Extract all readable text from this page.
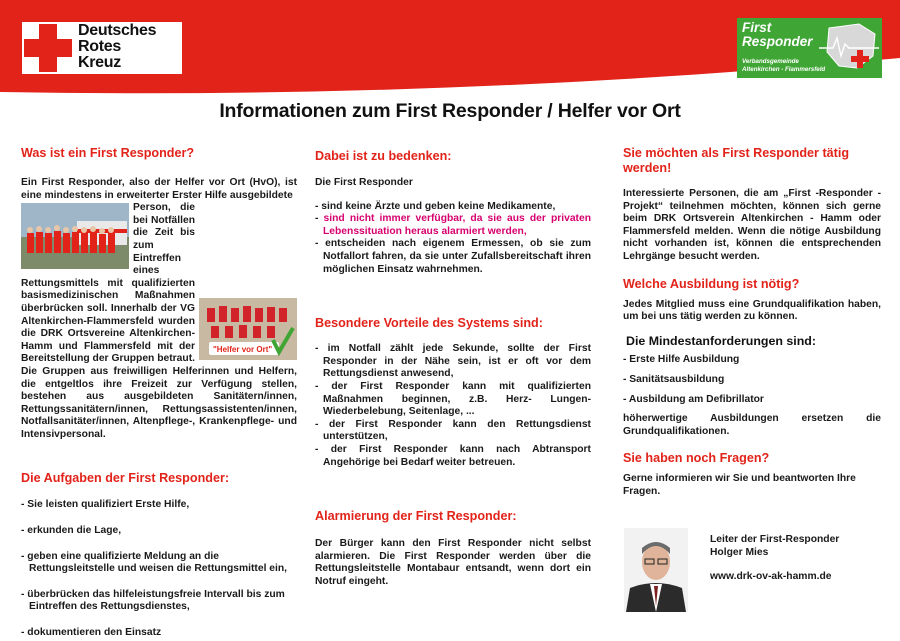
Deutsches
Rotes
Kreuz
First
Responder
Verbandsgemeinde
Altenkirchen - Flammersfeld
Informationen zum First Responder / Helfer vor Ort

Was ist ein First Responder?

Ein First Responder, also der Helfer vor Ort (HvO), ist eine mindestens in erweiterter Erster Hilfe ausgebildete

"Helfer vor Ort"

Person, die bei Notfällen die Zeit bis zum Eintreffen eines Rettungsmittels mit qualifizierten basismedizinischen Maßnahmen überbrücken soll. Innerhalb der VG Altenkirchen-Flammersfeld wurden die DRK Ortsvereine Altenkirchen-Hamm und Flammersfeld mit der Bereitstellung der Gruppen betraut. Die Gruppen aus freiwilligen Helferinnen und Helfern, die entgeltlos ihre Freizeit zur Verfügung stellen, bestehen aus ausgebildeten Sanitätern/innen, Rettungssanitätern/innen, Rettungsassistenten/innen, Notfallsanitäter/innen, Altenpflege-, Krankenpflege- und Intensivpersonal.

Die Aufgaben der First Responder:

- Sie leisten qualifiziert Erste Hilfe,

- erkunden die Lage,

- geben eine qualifizierte Meldung an die Rettungsleitstelle und weisen die Rettungsmittel ein,

- überbrücken das hilfeleistungsfreie Intervall bis zum Eintreffen des Rettungsdienstes,

- dokumentieren den Einsatz

Dabei ist zu bedenken:

Die First Responder

- sind keine Ärzte und geben keine Medikamente,

- sind nicht immer verfügbar, da sie aus der privaten Lebenssituation heraus alarmiert werden,

- entscheiden nach eigenem Ermessen, ob sie zum Notfallort fahren, da sie unter Zufallsbereitschaft ihren möglichen Einsatz wahrnehmen.

Besondere Vorteile des Systems sind:

- im Notfall zählt jede Sekunde, sollte der First Responder in der Nähe sein, ist er oft vor dem Rettungsdienst anwesend,

- der First Responder kann mit qualifizierten Maßnahmen beginnen, z.B. Herz- Lungen-Wiederbelebung, Seitenlage, ...

- der First Responder kann den Rettungsdienst unterstützen,

- der First Responder kann nach Abtransport Angehörige bei Bedarf weiter betreuen.

Alarmierung der First Responder:

Der Bürger kann den First Responder nicht selbst alarmieren. Die First Responder werden über die Rettungsleitstelle Montabaur entsandt, wenn dort ein Notruf eingeht.

Sie möchten als First Responder tätig werden!

Interessierte Personen, die am „First -Responder -Projekt“ teilnehmen möchten, können sich gerne beim DRK Ortsverein Altenkirchen - Hamm oder Flammersfeld melden. Wenn die nötige Ausbildung nicht vorhanden ist, können die entsprechenden Lehrgänge besucht werden.

Welche Ausbildung ist nötig?

Jedes Mitglied muss eine Grundqualifikation haben, um bei uns tätig werden zu können.

Die Mindestanforderungen sind:

- Erste Hilfe Ausbildung

- Sanitätsausbildung

- Ausbildung am Defibrillator

höherwertige Ausbildungen ersetzen die Grundqualifikationen.

Sie haben noch Fragen?

Gerne informieren wir Sie und beantworten Ihre Fragen.

Leiter der First-Responder
Holger Mies
www.drk-ov-ak-hamm.de
